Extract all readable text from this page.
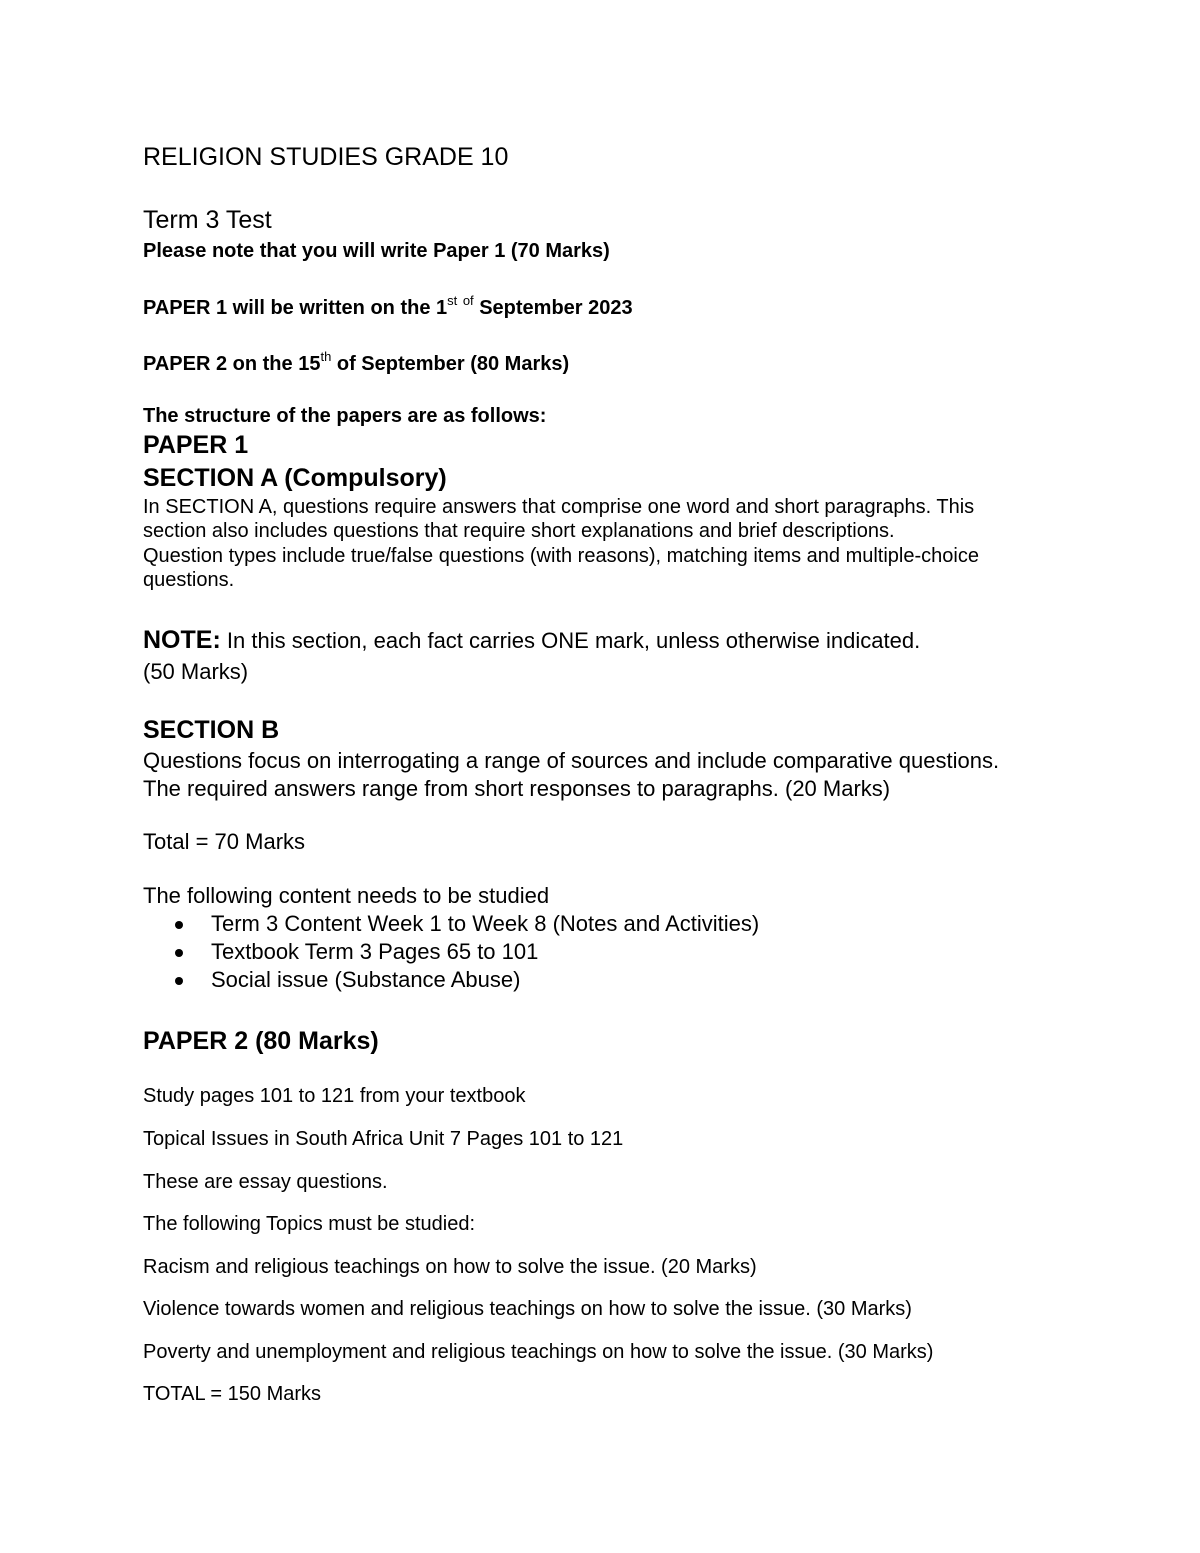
RELIGION STUDIES GRADE 10
Term 3 Test
Please note that you will write Paper 1 (70 Marks)
PAPER 1 will be written on the 1st $^{of}$ September 2023
PAPER 2 on the 15th of September (80 Marks)
The structure of the papers are as follows:
PAPER 1
SECTION A (Compulsory)
In SECTION A, questions require answers that comprise one word and short paragraphs. This
section also includes questions that require short explanations and brief descriptions.
Question types include true/false questions (with reasons), matching items and multiple-choice
questions.
NOTE: In this section, each fact carries ONE mark, unless otherwise indicated.
(50 Marks)
SECTION B
Questions focus on interrogating a range of sources and include comparative questions.
The required answers range from short responses to paragraphs. (20 Marks)
Total = 70 Marks
The following content needs to be studied
Term 3 Content Week 1 to Week 8 (Notes and Activities)
Textbook Term 3 Pages 65 to 101
Social issue (Substance Abuse)
PAPER 2 (80 Marks)
Study pages 101 to 121 from your textbook
Topical Issues in South Africa Unit 7 Pages 101 to 121
These are essay questions.
The following Topics must be studied:
Racism and religious teachings on how to solve the issue. (20 Marks)
Violence towards women and religious teachings on how to solve the issue. (30 Marks)
Poverty and unemployment and religious teachings on how to solve the issue. (30 Marks)
TOTAL = 150 Marks
